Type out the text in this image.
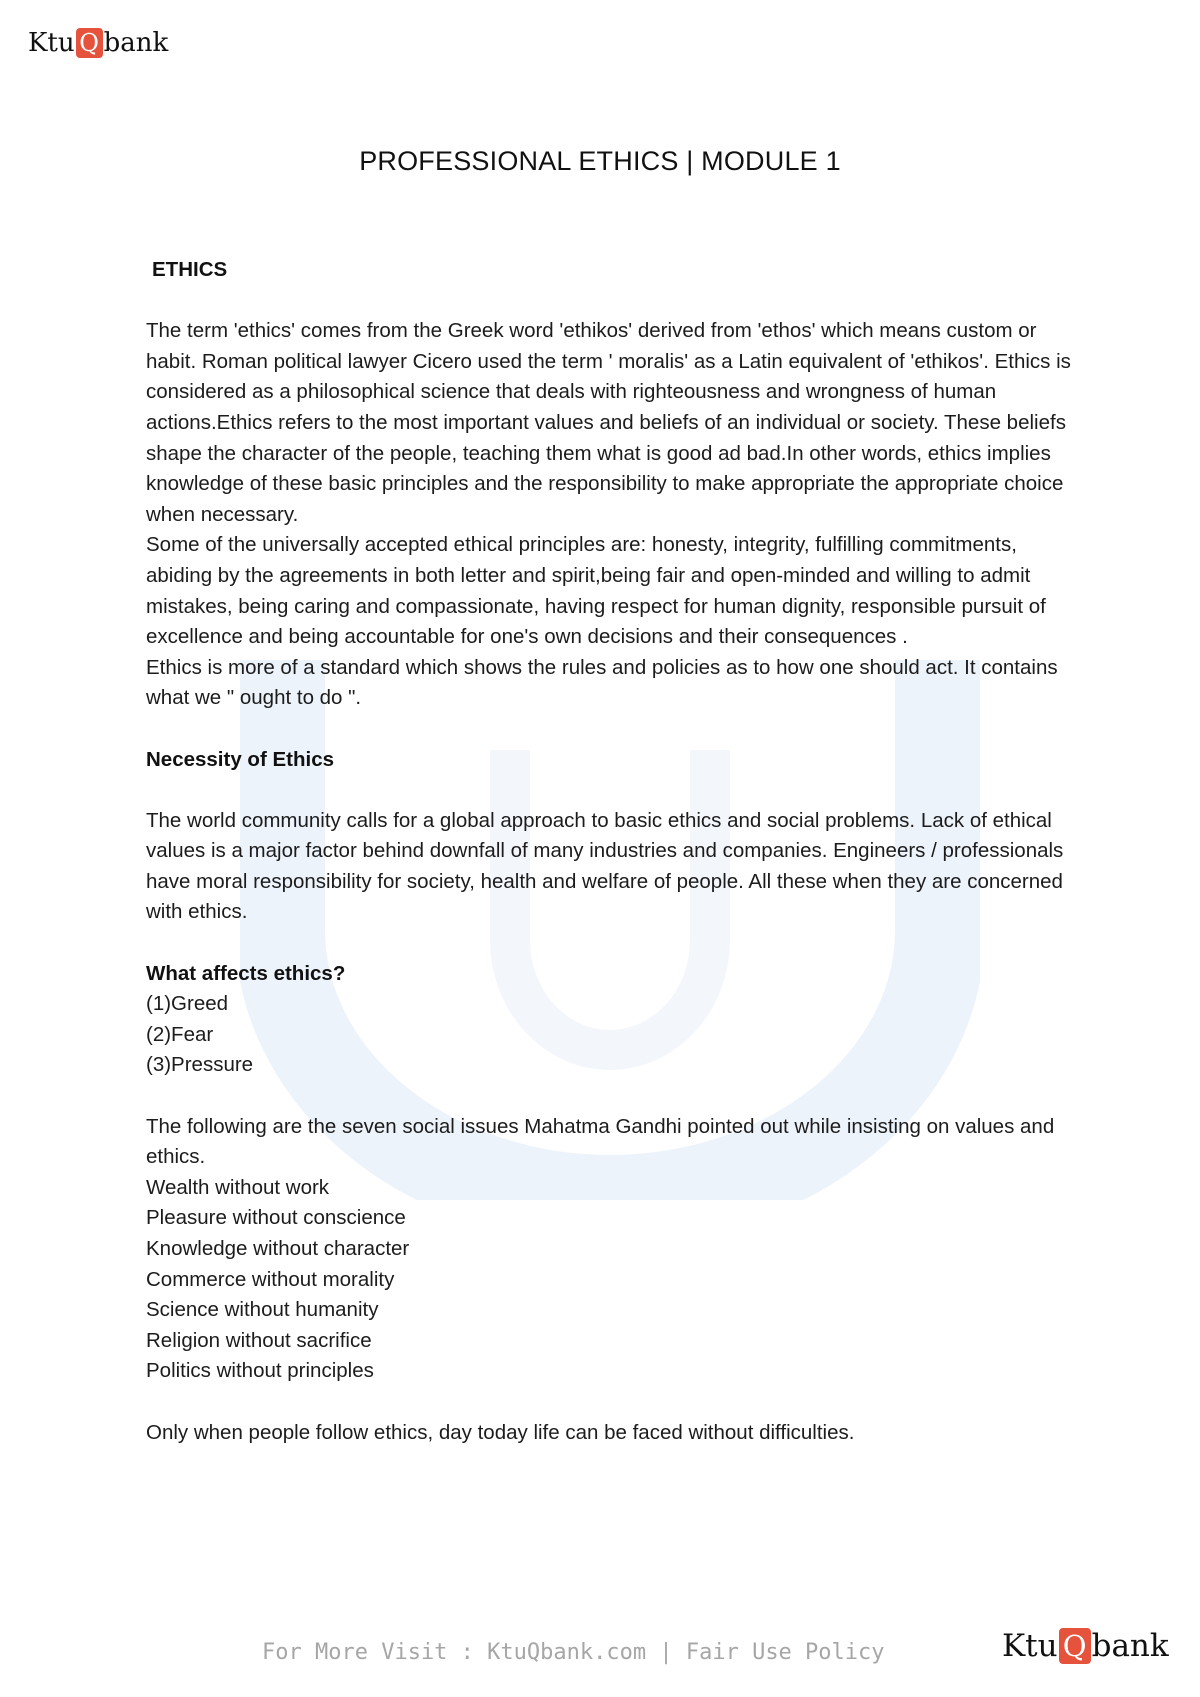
Ktu Q bank
PROFESSIONAL ETHICS | MODULE 1

ETHICS

The term 'ethics' comes from the Greek word 'ethikos' derived from 'ethos' which means custom or habit. Roman political lawyer Cicero used the term ' moralis' as a Latin equivalent of 'ethikos'. Ethics is considered as a philosophical science that deals with righteousness and wrongness of human actions.Ethics refers to the most important values and beliefs of an individual or society. These beliefs shape the character of the people, teaching them what is good ad bad.In other words, ethics implies knowledge of these basic principles and the responsibility to make appropriate the appropriate choice when necessary.

Some of the universally accepted ethical principles are: honesty, integrity, fulfilling commitments, abiding by the agreements in both letter and spirit,being fair and open-minded and willing to admit mistakes, being caring and compassionate, having respect for human dignity, responsible pursuit of excellence and being accountable for one's own decisions and their consequences .

Ethics is more of a standard which shows the rules and policies as to how one should act. It contains what we " ought to do ".

Necessity of Ethics

The world community calls for a global approach to basic ethics and social problems. Lack of ethical values is a major factor behind downfall of many industries and companies. Engineers / professionals have moral responsibility for society, health and welfare of people. All these when they are concerned with ethics.

What affects ethics?

(1)Greed

(2)Fear

(3)Pressure

The following are the seven social issues Mahatma Gandhi pointed out while insisting on values and ethics.

Wealth without work

Pleasure without conscience

Knowledge without character

Commerce without morality

Science without humanity

Religion without sacrifice

Politics without principles

Only when people follow ethics, day today life can be faced without difficulties.

For More Visit : KtuQbank.com | Fair Use Policy	Ktu Q bank
